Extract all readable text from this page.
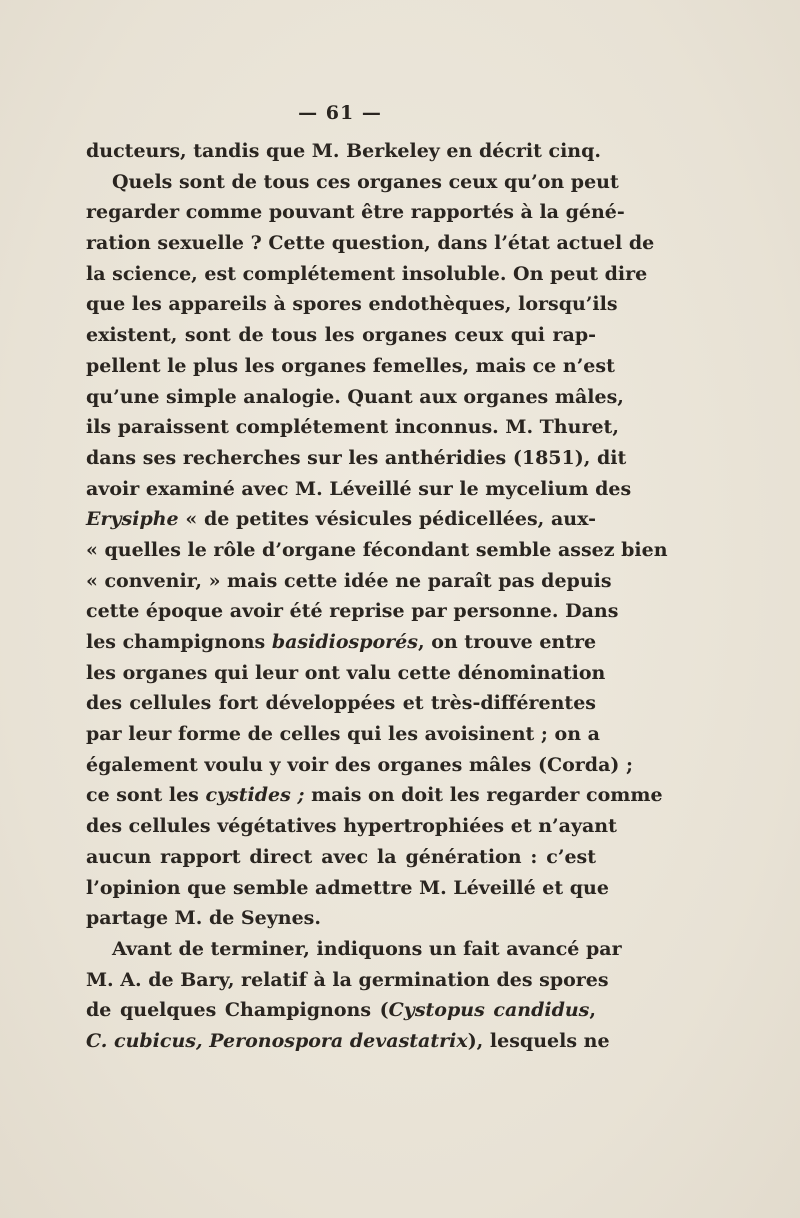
— 61 —
ducteurs, tandis que M. Berkeley en décrit cinq.
Quels sont de tous ces organes ceux qu’on peut
regarder comme pouvant être rapportés à la géné-
ration sexuelle ? Cette question, dans l’état actuel de
la science, est complétement insoluble. On peut dire
que les appareils à spores endothèques, lorsqu’ils
existent, sont de tous les organes ceux qui rap-
pellent le plus les organes femelles, mais ce n’est
qu’une simple analogie. Quant aux organes mâles,
ils paraissent complétement inconnus. M. Thuret,
dans ses recherches sur les anthéridies (1851), dit
avoir examiné avec M. Léveillé sur le mycelium des
Erysiphe « de petites vésicules pédicellées, aux-
« quelles le rôle d’organe fécondant semble assez bien
« convenir, » mais cette idée ne paraît pas depuis
cette époque avoir été reprise par personne. Dans
les champignons basidiosporés, on trouve entre
les organes qui leur ont valu cette dénomination
des cellules fort développées et très-différentes
par leur forme de celles qui les avoisinent ; on a
également voulu y voir des organes mâles (Corda) ;
ce sont les cystides ; mais on doit les regarder comme
des cellules végétatives hypertrophiées et n’ayant
aucun rapport direct avec la génération : c’est
l’opinion que semble admettre M. Léveillé et que
partage M. de Seynes.
Avant de terminer, indiquons un fait avancé par
M. A. de Bary, relatif à la germination des spores
de quelques Champignons (Cystopus candidus,
C. cubicus, Peronospora devastatrix), lesquels ne
